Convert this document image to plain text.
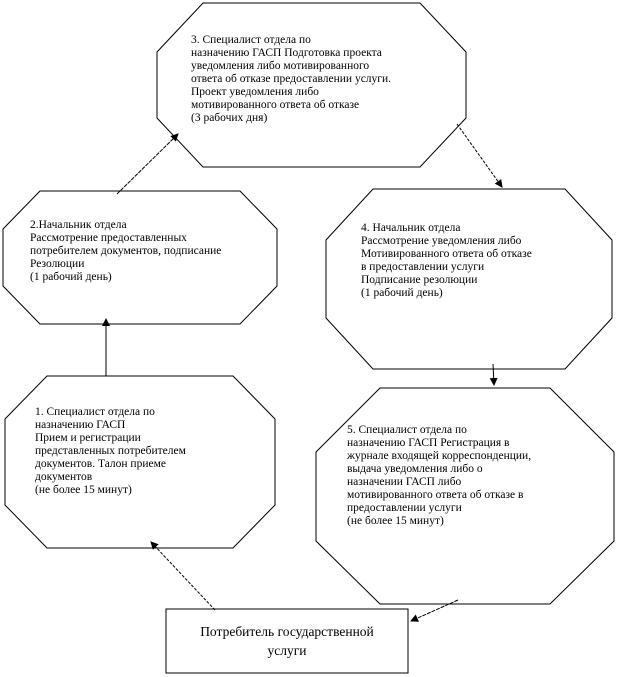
3. Специалист отдела по
назначению ГАСП Подготовка проекта
уведомления либо мотивированного
ответа об отказе предоставлении услуги.
Проект уведомления либо
мотивированного ответа об отказе
(3 рабочих дня)
2.Начальник отдела
Рассмотрение предоставленных
потребителем документов, подписание
Резолюции
(1 рабочий день)
4. Начальник отдела
Рассмотрение уведомления либо
Мотивированного ответа об отказе
в предоставлении услуги
Подписание резолюции
(1 рабочий день)
1. Специалист отдела по
назначению ГАСП
Прием и регистрации
представленных потребителем
документов. Талон приеме
документов
(не более 15 минут)
5. Специалист отдела по
назначению ГАСП Регистрация в
журнале входящей корреспонденции,
выдача уведомления либо о
назначении ГАСП либо
мотивированного ответа об отказе в
предоставлении услуги
(не более 15 минут)
Потребитель государственной
услуги
